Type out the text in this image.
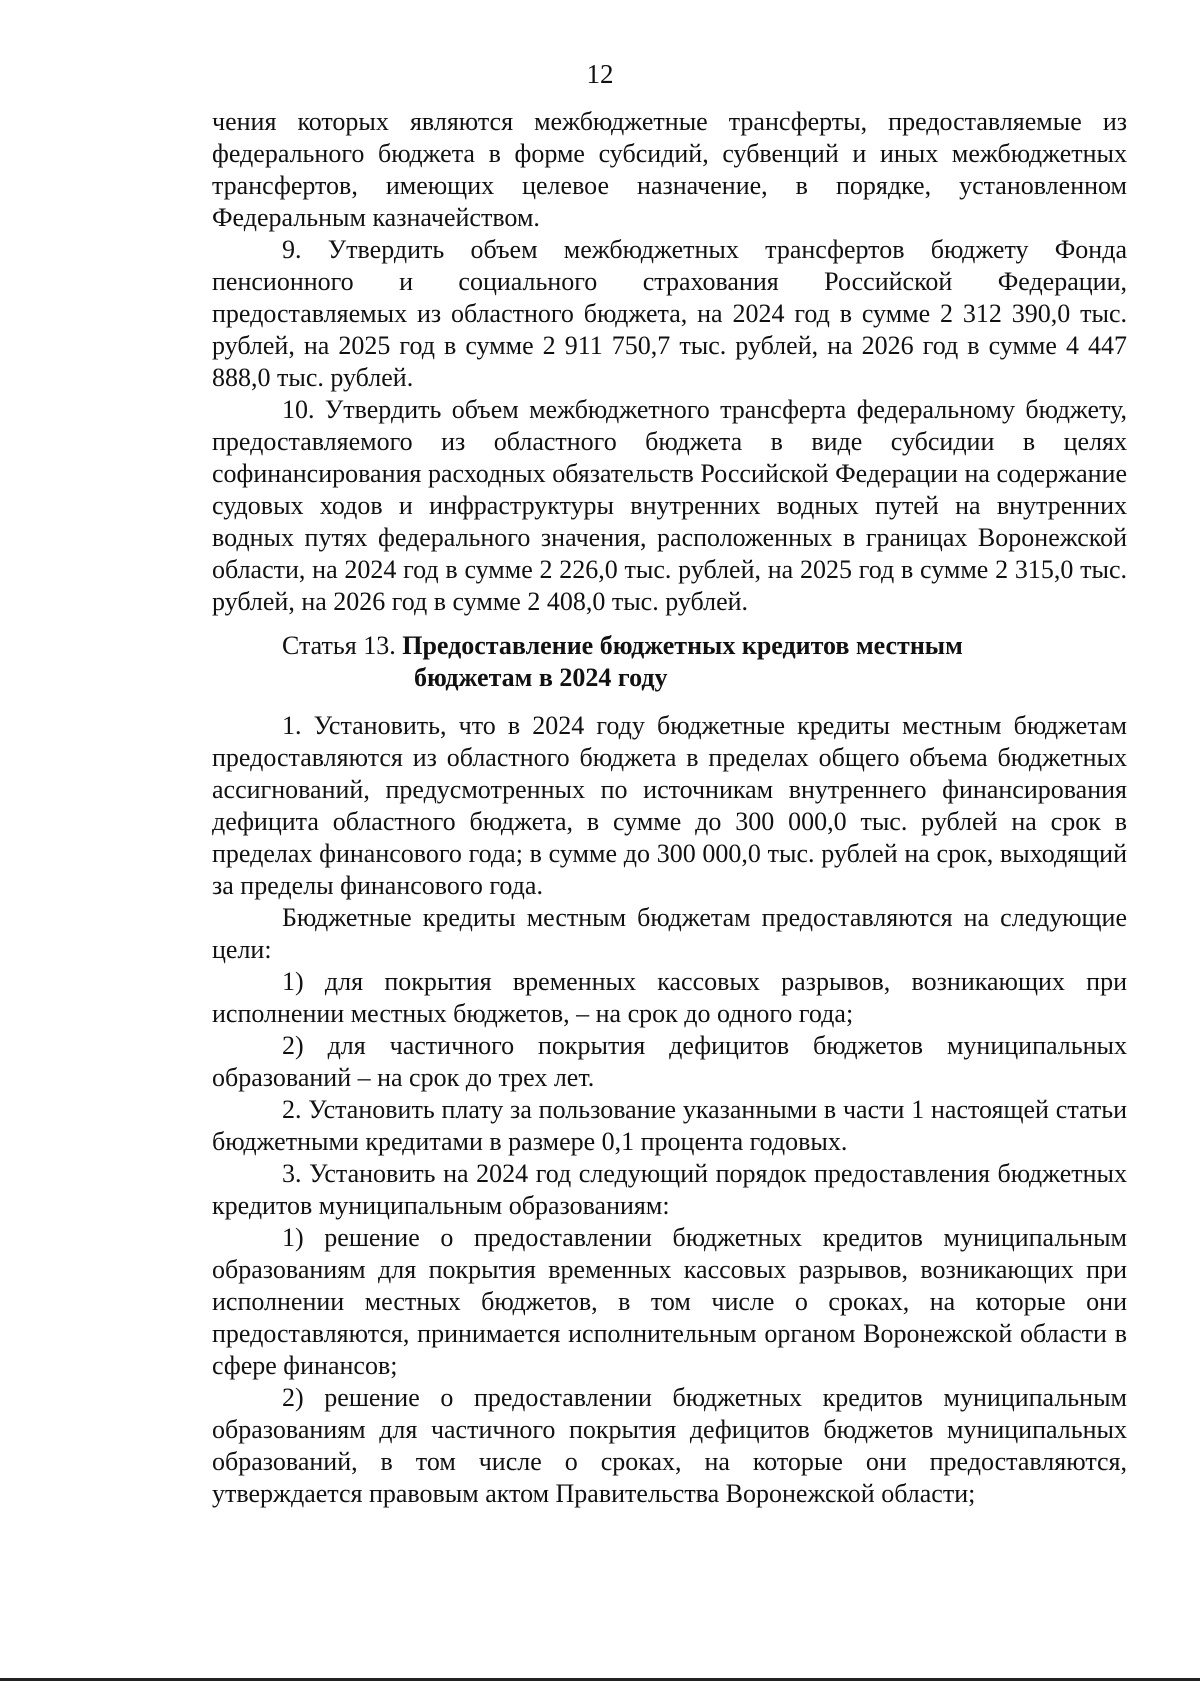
12

чения которых являются межбюджетные трансферты, предоставляемые из федерального бюджета в форме субсидий, субвенций и иных межбюджетных трансфертов, имеющих целевое назначение, в порядке, установленном Федеральным казначейством.

9. Утвердить объем межбюджетных трансфертов бюджету Фонда пенсионного и социального страхования Российской Федерации, предоставляемых из областного бюджета, на 2024 год в сумме 2 312 390,0 тыс. рублей, на 2025 год в сумме 2 911 750,7 тыс. рублей, на 2026 год в сумме 4 447 888,0 тыс. рублей.

10. Утвердить объем межбюджетного трансферта федеральному бюджету, предоставляемого из областного бюджета в виде субсидии в целях софинансирования расходных обязательств Российской Федерации на содержание судовых ходов и инфраструктуры внутренних водных путей на внутренних водных путях федерального значения, расположенных в границах Воронежской области, на 2024 год в сумме 2 226,0 тыс. рублей, на 2025 год в сумме 2 315,0 тыс. рублей, на 2026 год в сумме 2 408,0 тыс. рублей.

Статья 13. Предоставление бюджетных кредитов местным
бюджетам в 2024 году

1. Установить, что в 2024 году бюджетные кредиты местным бюджетам предоставляются из областного бюджета в пределах общего объема бюджетных ассигнований, предусмотренных по источникам внутреннего финансирования дефицита областного бюджета, в сумме до 300 000,0 тыс. рублей на срок в пределах финансового года; в сумме до 300 000,0 тыс. рублей на срок, выходящий за пределы финансового года.

Бюджетные кредиты местным бюджетам предоставляются на следующие цели:

1) для покрытия временных кассовых разрывов, возникающих при исполнении местных бюджетов, – на срок до одного года;

2) для частичного покрытия дефицитов бюджетов муниципальных образований – на срок до трех лет.

2. Установить плату за пользование указанными в части 1 настоящей статьи бюджетными кредитами в размере 0,1 процента годовых.

3. Установить на 2024 год следующий порядок предоставления бюджетных кредитов муниципальным образованиям:

1) решение о предоставлении бюджетных кредитов муниципальным образованиям для покрытия временных кассовых разрывов, возникающих при исполнении местных бюджетов, в том числе о сроках, на которые они предоставляются, принимается исполнительным органом Воронежской области в сфере финансов;

2) решение о предоставлении бюджетных кредитов муниципальным образованиям для частичного покрытия дефицитов бюджетов муниципальных образований, в том числе о сроках, на которые они предоставляются, утверждается правовым актом Правительства Воронежской области;
